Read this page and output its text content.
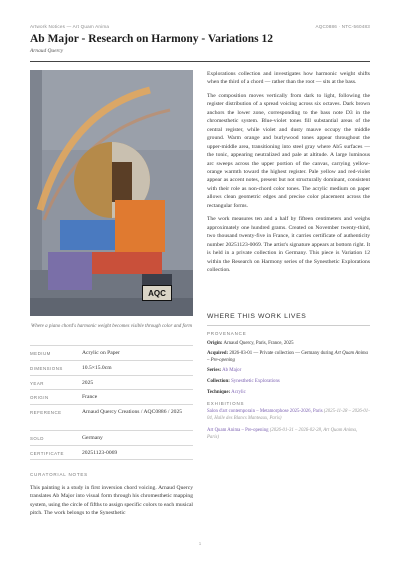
Artwork Notices — Art Quam Anima	AQC0886 · NTC-560483
Ab Major - Research on Harmony - Variations 12
Arnaud Quercy
AQC
Where a piano chord's harmonic weight becomes visible through color and form
MEDIUM	Acrylic on Paper
DIMENSIONS	10.5×15.0cm
YEAR	2025
ORIGIN	France
REFERENCE	Arnaud Quercy Creations / AQC0886 / 2025
SOLD	Germany
CERTIFICATE	20251123-0069
CURATORIAL NOTES

This painting is a study in first inversion chord voicing. Arnaud Quercy translates Ab Major into visual form through his chromesthetic mapping system, using the circle of fifths to assign specific colors to each musical pitch. The work belongs to the Synesthetic

Explorations collection and investigates how harmonic weight shifts when the third of a chord — rather than the root — sits at the bass.

The composition moves vertically from dark to light, following the register distribution of a spread voicing across six octaves. Dark brown anchors the lower zone, corresponding to the bass note D3 in the chromesthetic system. Blue-violet tones fill substantial areas of the central register, while violet and dusty mauve occupy the middle ground. Warm orange and burlywood tones appear throughout the upper-middle area, transitioning into steel gray where Ab5 surfaces — the tonic, appearing neutralized and pale at altitude. A large luminous arc sweeps across the upper portion of the canvas, carrying yellow-orange warmth toward the highest register. Pale yellow and red-violet appear as accent notes, present but not structurally dominant, consistent with their role as non-chord color tones. The acrylic medium on paper allows clean geometric edges and precise color placement across the rectangular forms.

The work measures ten and a half by fifteen centimeters and weighs approximately one hundred grams. Created on November twenty-third, two thousand twenty-five in France, it carries certificate of authenticity number 20251123-0069. The artist's signature appears at bottom right. It is held in a private collection in Germany. This piece is Variation 12 within the Research on Harmony series of the Synesthetic Explorations collection.

WHERE THIS WORK LIVES
PROVENANCE
Origin: Arnaud Quercy, Paris, France, 2025
Acquired: 2026-03-01 — Private collection — Germany during Art Quam Anima – Pre-opening
Series: Ab Major
Collection: Synesthetic Explorations
Technique: Acrylic
EXHIBITIONS
Salon d'art contemporain – Metamorphose 2025-2026, Paris (2025-11-28 – 2026-01-04, Halle des Blancs Manteaux, Paris)
Art Quam Anima – Pre-opening (2026-01-31 – 2026-02-28, Art Quam Anima, Paris)
1
